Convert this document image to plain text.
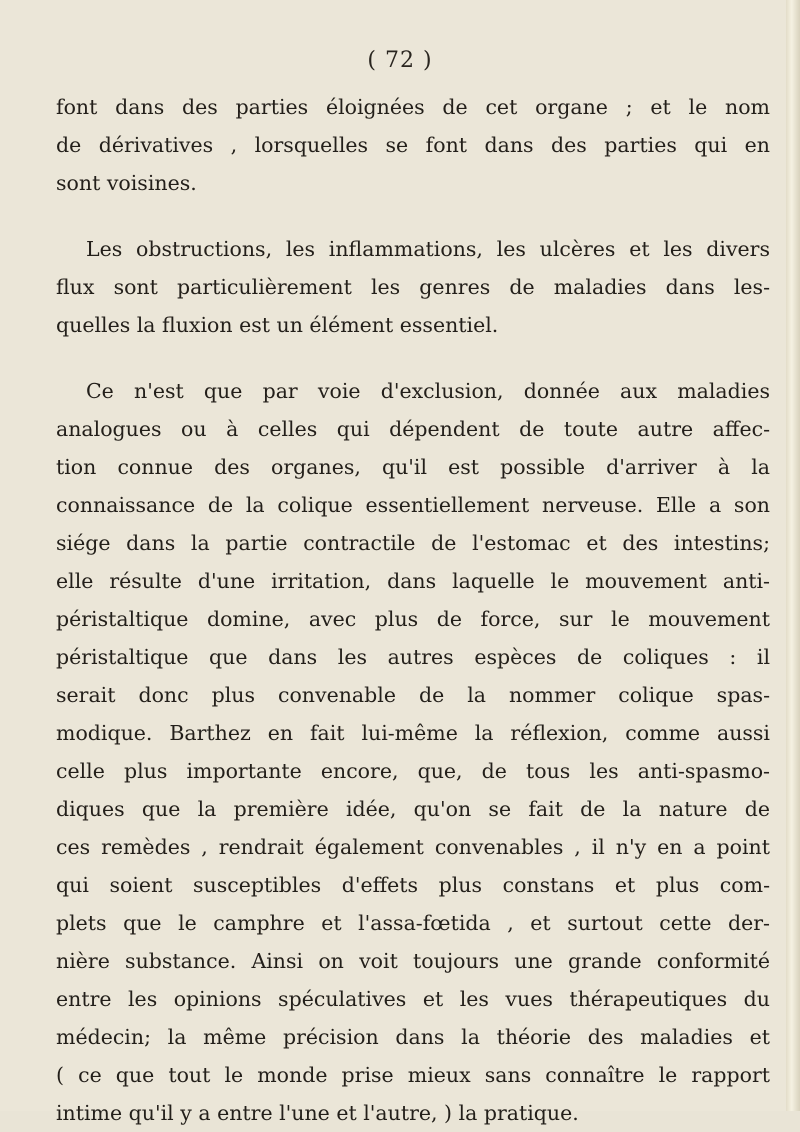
( 72 )
font dans des parties éloignées de cet organe ; et le nom
de dérivatives , lorsquelles se font dans des parties qui en
sont voisines.
Les obstructions, les inflammations, les ulcères et les divers
flux sont particulièrement les genres de maladies dans les-
quelles la fluxion est un élément essentiel.
Ce n'est que par voie d'exclusion, donnée aux maladies
analogues ou à celles qui dépendent de toute autre affec-
tion connue des organes, qu'il est possible d'arriver à la
connaissance de la colique essentiellement nerveuse. Elle a son
siége dans la partie contractile de l'estomac et des intestins;
elle résulte d'une irritation, dans laquelle le mouvement anti-
péristaltique domine, avec plus de force, sur le mouvement
péristaltique que dans les autres espèces de coliques : il
serait donc plus convenable de la nommer colique spas-
modique. Barthez en fait lui-même la réflexion, comme aussi
celle plus importante encore, que, de tous les anti-spasmo-
diques que la première idée, qu'on se fait de la nature de
ces remèdes , rendrait également convenables , il n'y en a point
qui soient susceptibles d'effets plus constans et plus com-
plets que le camphre et l'assa-fœtida , et surtout cette der-
nière substance. Ainsi on voit toujours une grande conformité
entre les opinions spéculatives et les vues thérapeutiques du
médecin; la même précision dans la théorie des maladies et
( ce que tout le monde prise mieux sans connaître le rapport
intime qu'il y a entre l'une et l'autre, ) la pratique.
